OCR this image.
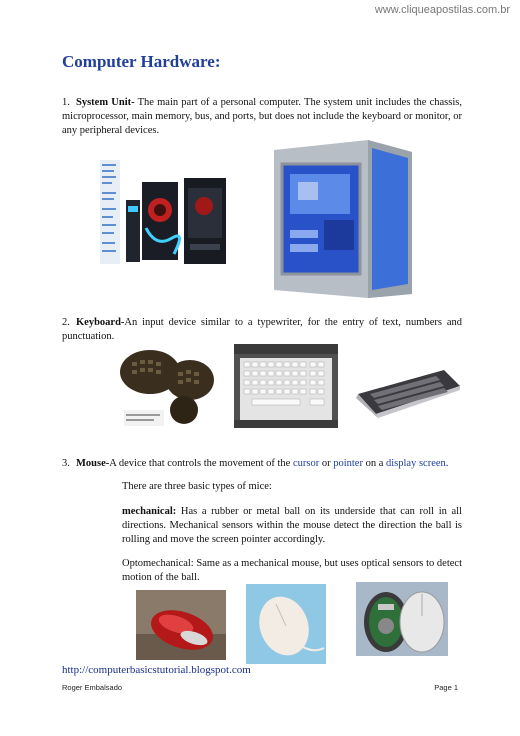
www.cliqueapostilas.com.br
Computer Hardware:
1. System Unit- The main part of a personal computer. The system unit includes the chassis, microprocessor, main memory, bus, and ports, but does not include the keyboard or monitor, or any peripheral devices.
2. Keyboard-An input device similar to a typewriter, for the entry of text, numbers and punctuation.
3. Mouse-A device that controls the movement of the cursor or pointer on a display screen.
There are three basic types of mice:
mechanical: Has a rubber or metal ball on its underside that can roll in all directions. Mechanical sensors within the mouse detect the direction the ball is rolling and move the screen pointer accordingly.
Optomechanical: Same as a mechanical mouse, but uses optical sensors to detect motion of the ball.
http://computerbasicstutorial.blogspot.com
Roger Embalsado	Page 1
